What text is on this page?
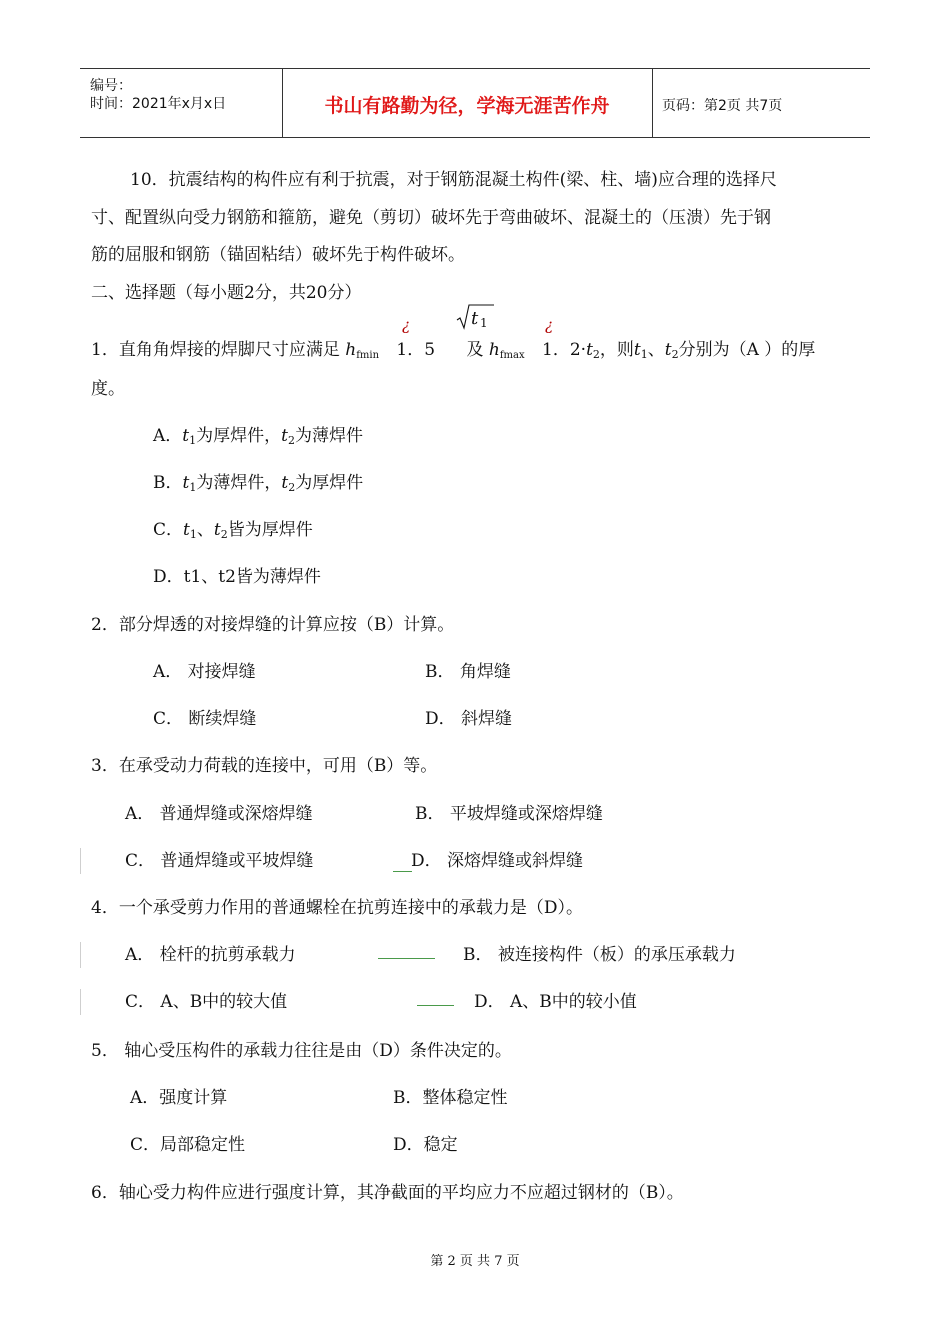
编号：
时间：2021年x月x日	书山有路勤为径，学海无涯苦作舟	页码：第2页 共7页
10．抗震结构的构件应有利于抗震，对于钢筋混凝土构件(梁、柱、墙)应合理的选择尺
寸、配置纵向受力钢筋和箍筋，避免（剪切）破坏先于弯曲破坏、混凝土的（压溃）先于钢
筋的屈服和钢筋（锚固粘结）破坏先于构件破坏。
二、选择题（每小题2分，共20分）
¿	¿
t 1
1．直角角焊接的焊脚尺寸应满足 hfmin 1．5 及 hfmax 1．$2\cdot t_2$，则$t_1$、$t_2$分别为（A ）的厚
度。
A．$t_1$为厚焊件，$t_2$为薄焊件
B．$t_1$为薄焊件，$t_2$为厚焊件
C．$t_1$、$t_2$皆为厚焊件
D．t1、t2皆为薄焊件
2．部分焊透的对接焊缝的计算应按（B）计算。
A． 对接焊缝	B． 角焊缝
C． 断续焊缝	D． 斜焊缝
3．在承受动力荷载的连接中，可用（B）等。
A． 普通焊缝或深熔焊缝	B． 平坡焊缝或深熔焊缝
C． 普通焊缝或平坡焊缝	D． 深熔焊缝或斜焊缝
4．一个承受剪力作用的普通螺栓在抗剪连接中的承载力是（D）。
A． 栓杆的抗剪承载力	B． 被连接构件（板）的承压承载力
C． A、B中的较大值	D． A、B中的较小值
5． 轴心受压构件的承载力往往是由（D）条件决定的。
A．强度计算	B．整体稳定性
C．局部稳定性	D．稳定
6．轴心受力构件应进行强度计算，其净截面的平均应力不应超过钢材的（B）。
第 2 页 共 7 页
